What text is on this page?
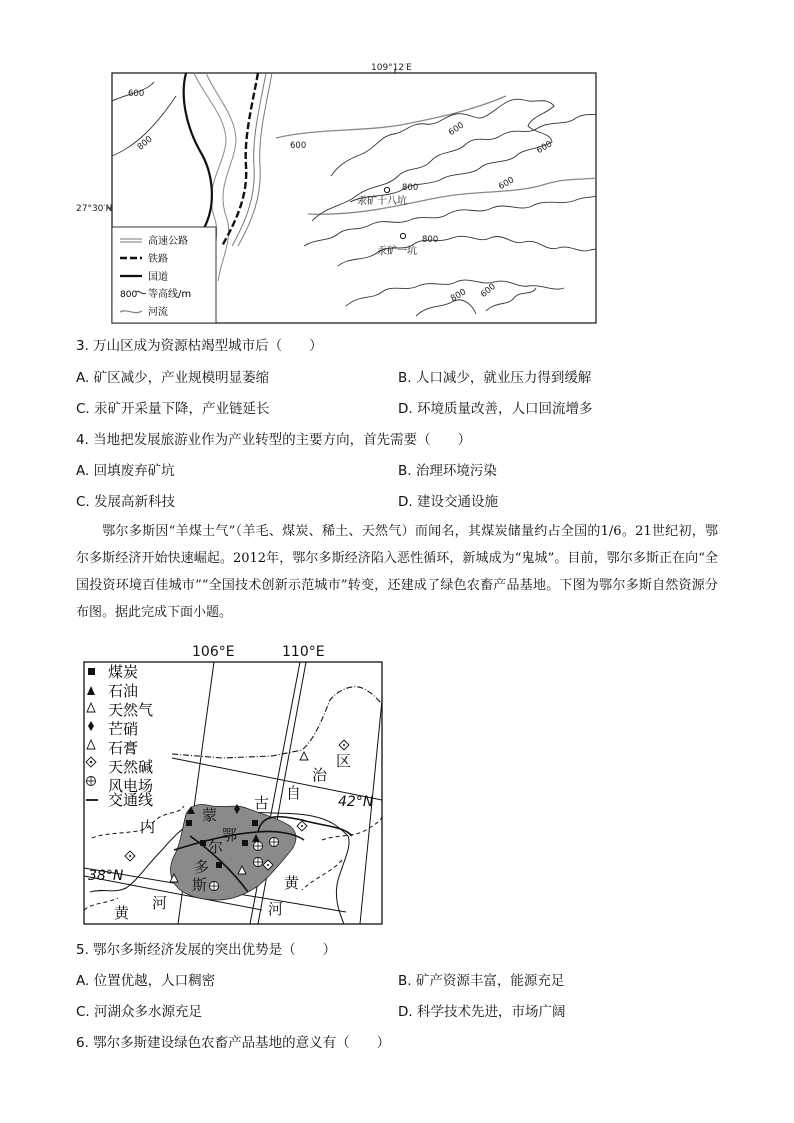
109°12′E
27°30′N
600
800	600
600
600
800	600
800
600
800
汞矿十八坑
汞矿一坑
高速公路
铁路
国道
800 等高线/m
河流
3. 万山区成为资源枯竭型城市后（　　）
A. 矿区减少，产业规模明显萎缩	B. 人口减少，就业压力得到缓解
C. 汞矿开采量下降，产业链延长	D. 环境质量改善，人口回流增多
4. 当地把发展旅游业作为产业转型的主要方向，首先需要（　　）
A. 回填废弃矿坑	B. 治理环境污染
C. 发展高新科技	D. 建设交通设施
鄂尔多斯因“羊煤土气”（羊毛、煤炭、稀土、天然气）而闻名，其煤炭储量约占全国的1/6。21世纪初，鄂尔多斯经济开始快速崛起。2012年，鄂尔多斯经济陷入恶性循环，新城成为“鬼城”。目前，鄂尔多斯正在向“全国投资环境百佳城市”“全国技术创新示范城市”转变，还建成了绿色农畜产品基地。下图为鄂尔多斯自然资源分布图。据此完成下面小题。
106°E	110°E
煤炭
石油
天然气
芒硝
石膏
天然碱
风电场
交通线
内
蒙
古
自
治
区
鄂
尔
多
斯
黄
河
黄
河
42°N
38°N
5. 鄂尔多斯经济发展的突出优势是（　　）
A. 位置优越，人口稠密	B. 矿产资源丰富，能源充足
C. 河湖众多水源充足	D. 科学技术先进，市场广阔
6. 鄂尔多斯建设绿色农畜产品基地的意义有（　　）
